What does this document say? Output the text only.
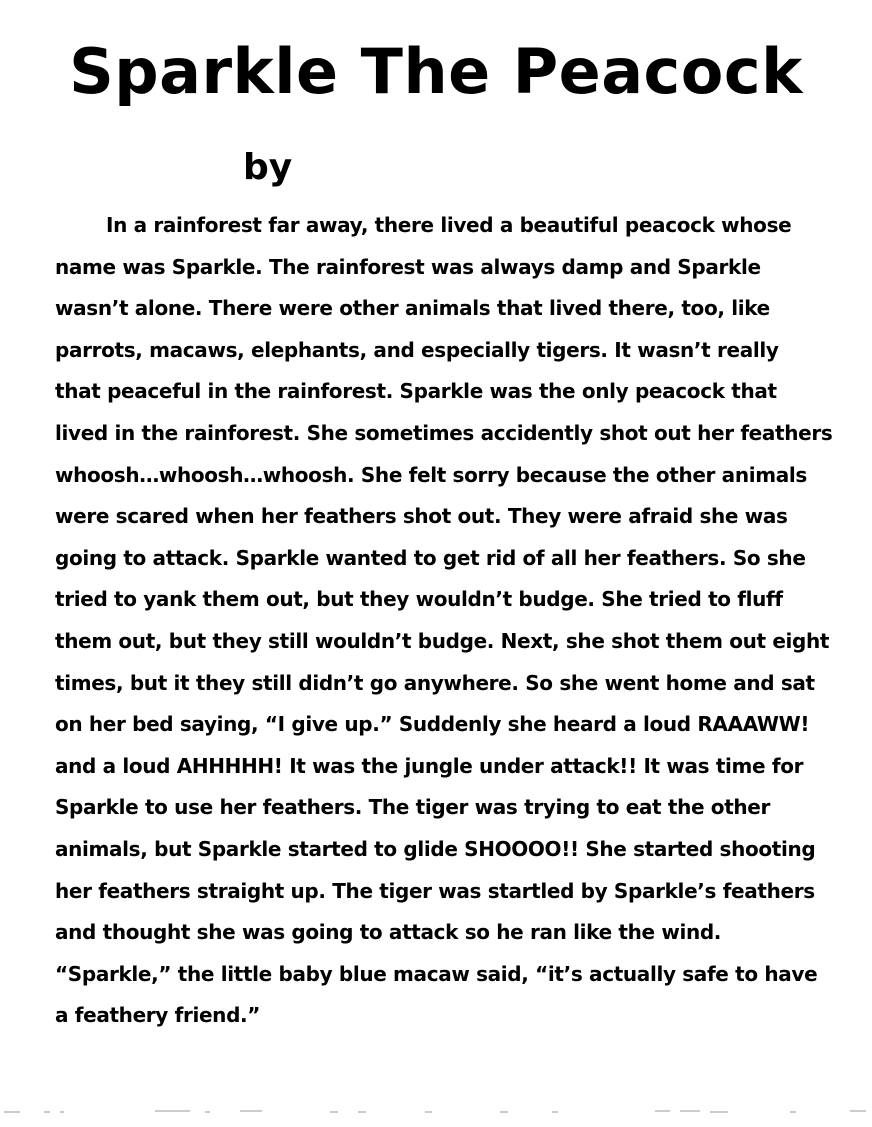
Sparkle The Peacock
by
In a rainforest far away, there lived a beautiful peacock whose
name was Sparkle. The rainforest was always damp and Sparkle
wasn’t alone. There were other animals that lived there, too, like
parrots, macaws, elephants, and especially tigers. It wasn’t really
that peaceful in the rainforest. Sparkle was the only peacock that
lived in the rainforest. She sometimes accidently shot out her feathers
whoosh…whoosh…whoosh. She felt sorry because the other animals
were scared when her feathers shot out. They were afraid she was
going to attack. Sparkle wanted to get rid of all her feathers. So she
tried to yank them out, but they wouldn’t budge. She tried to fluff
them out, but they still wouldn’t budge. Next, she shot them out eight
times, but it they still didn’t go anywhere. So she went home and sat
on her bed saying, “I give up.” Suddenly she heard a loud RAAAWW!
and a loud AHHHHH! It was the jungle under attack!! It was time for
Sparkle to use her feathers. The tiger was trying to eat the other
animals, but Sparkle started to glide SHOOOO!! She started shooting
her feathers straight up. The tiger was startled by Sparkle’s feathers
and thought she was going to attack so he ran like the wind.
“Sparkle,” the little baby blue macaw said, “it’s actually safe to have
a feathery friend.”
